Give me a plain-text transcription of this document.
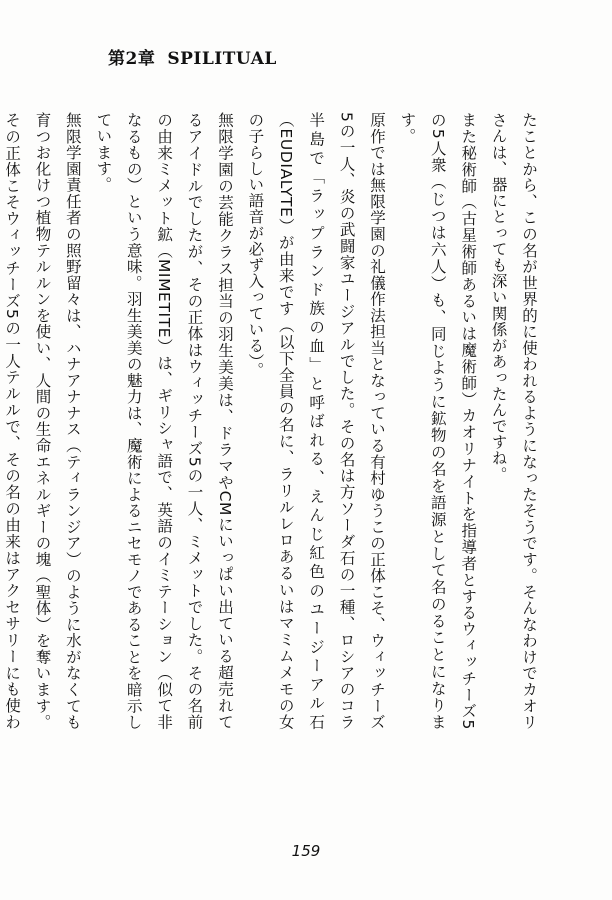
第2章 SPILITUAL

たことから、この名が世界的に使われるようになったそうです。そんなわけでカオリさんは、器にとっても深い関係があったんですね。

また秘術師（古星術師あるいは魔術師）カオリナイトを指導者とするウィッチーズ5の5人衆（じつは六人）も、同じように鉱物の名を語源として名のることになります。

原作では無限学園の礼儀作法担当となっている有村ゆうこの正体こそ、ウィッチーズ5の一人、炎の武闘家ユージアルでした。その名は方ソーダ石の一種、ロシアのコラ半島で「ラップランド族の血」と呼ばれる、えんじ紅色のユージーアル石（EUDIALYTE）が由来です（以下全員の名に、ラリルレロあるいはマミムメモの女の子らしい語音が必ず入っている）。

無限学園の芸能クラス担当の羽生美美は、ドラマやCMにいっぱい出ている超売れてるアイドルでしたが、その正体はウィッチーズ5の一人、ミメットでした。その名前の由来ミメット鉱（MIMETITE）は、ギリシャ語で、英語のイミテーション（似て非なるもの）という意味。羽生美美の魅力は、魔術によるニセモノであることを暗示しています。

無限学園責任者の照野留々は、ハナアナナス（ティランジア）のように水がなくても育つお化けつ植物テルルンを使い、人間の生命エネルギーの塊（聖体）を奪います。その正体こそウィッチーズ5の一人テルルで、その名の由来はアクセサリーにも使わ

159
